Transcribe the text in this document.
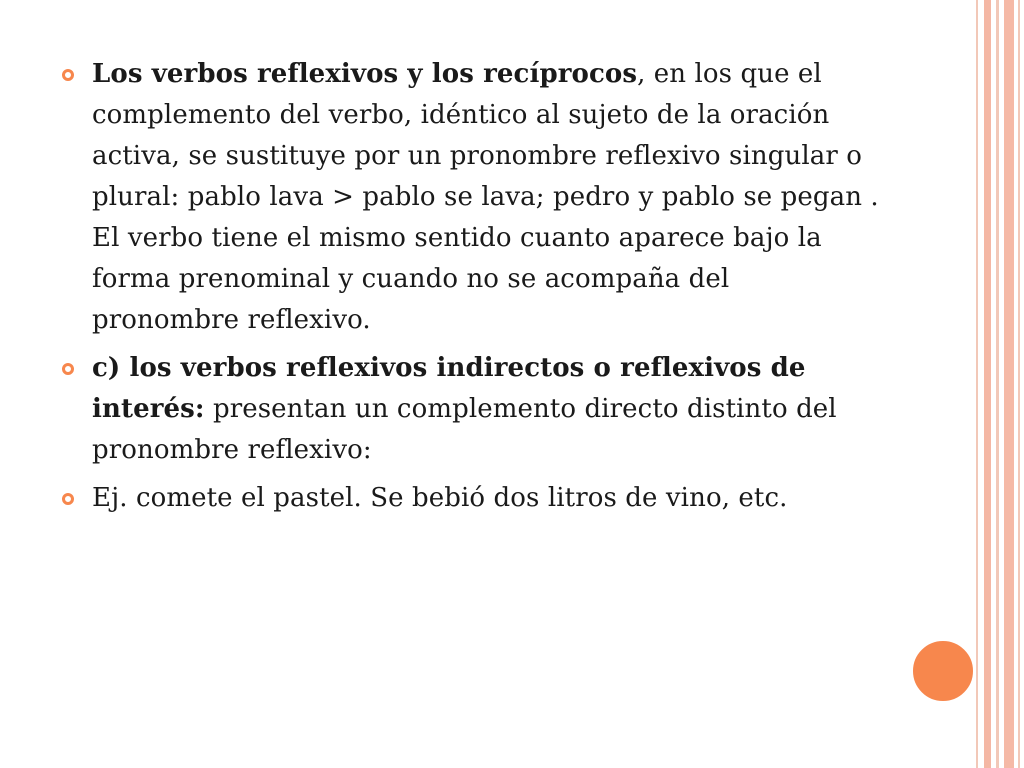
Los verbos reflexivos y los recíprocos, en los que el complemento del verbo, idéntico al sujeto de la oración activa, se sustituye por un pronombre reflexivo singular o plural: pablo lava > pablo se lava; pedro y pablo se pegan . El verbo tiene el mismo sentido cuanto aparece bajo la forma prenominal y cuando no se acompaña del pronombre reflexivo.
c) los verbos reflexivos indirectos o reflexivos de interés: presentan un complemento directo distinto del pronombre reflexivo:
Ej. comete el pastel. Se bebió dos litros de vino, etc.
